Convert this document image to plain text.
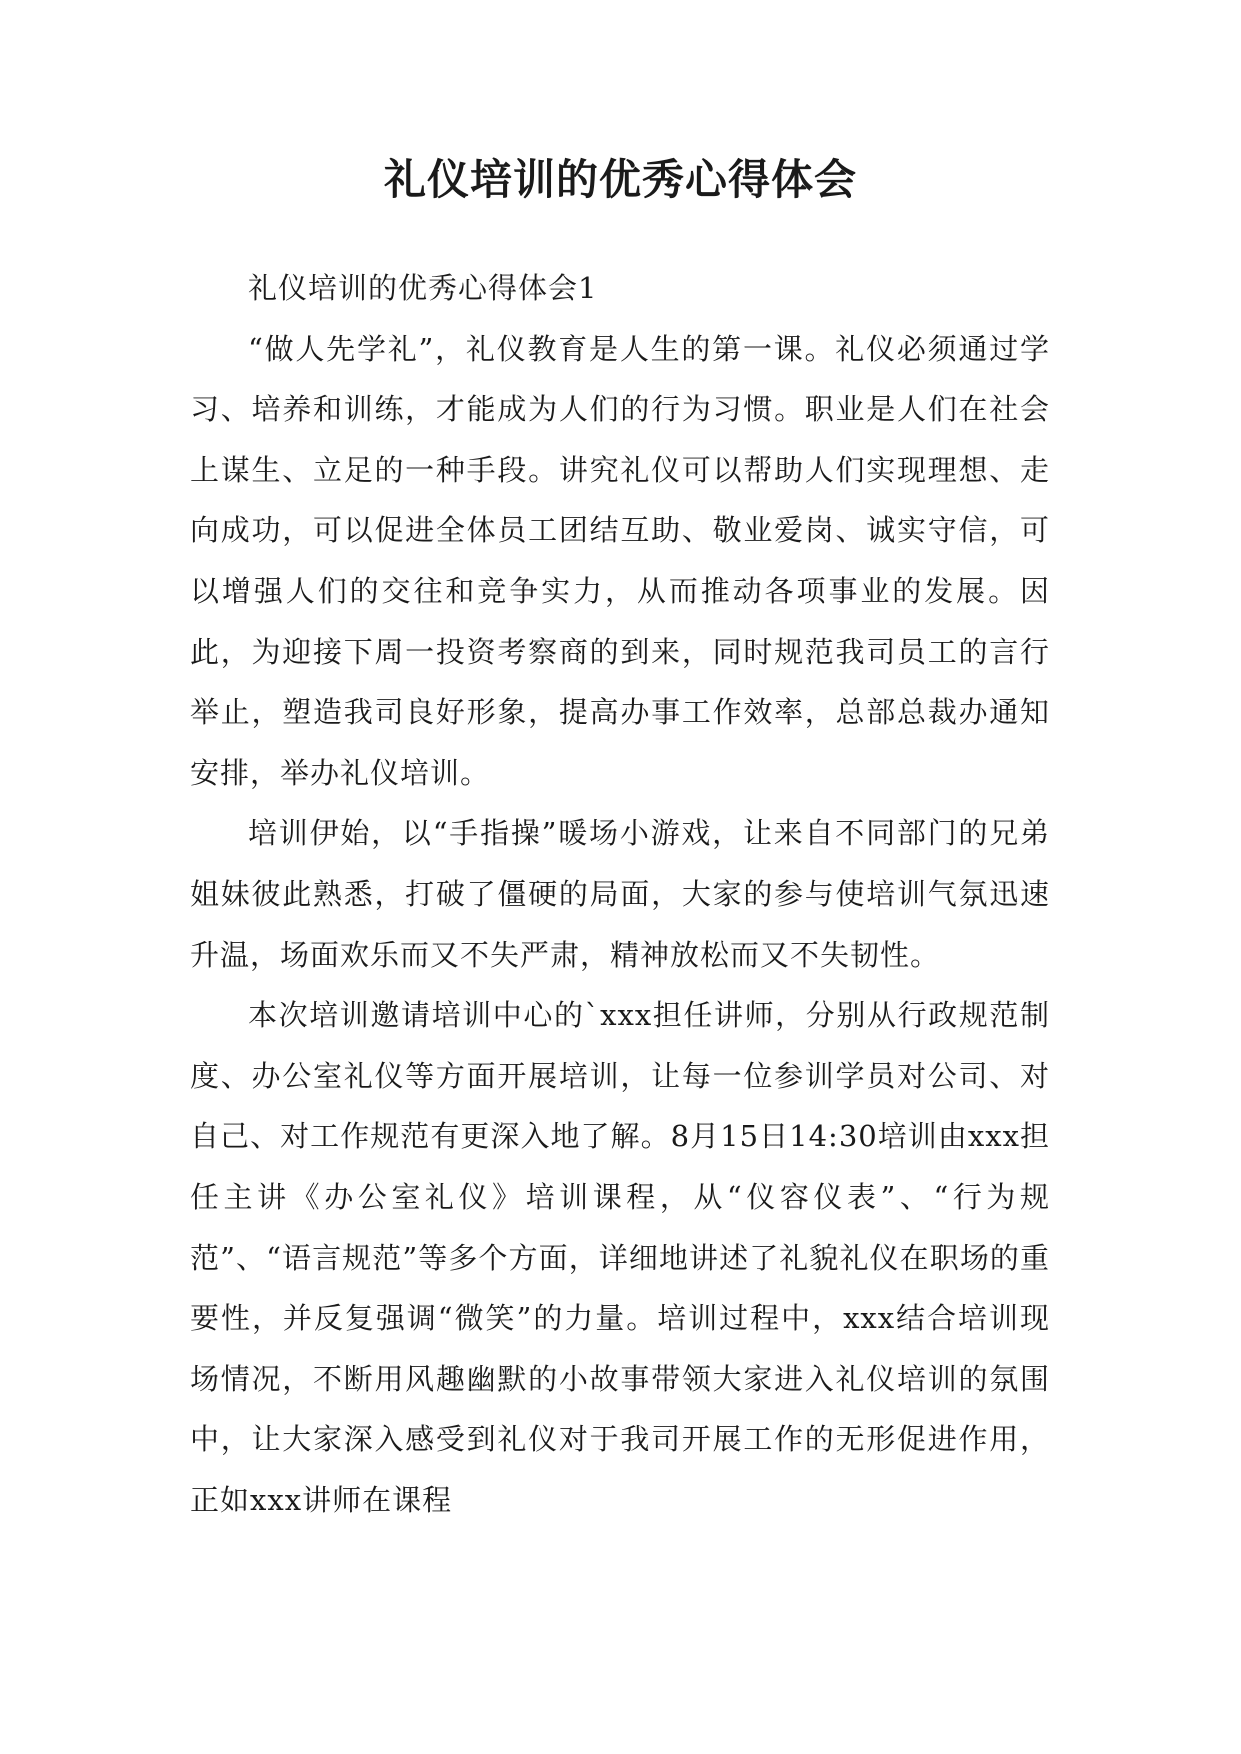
礼仪培训的优秀心得体会

礼仪培训的优秀心得体会1

“做人先学礼”，礼仪教育是人生的第一课。礼仪必须通过学习、培养和训练，才能成为人们的行为习惯。职业是人们在社会上谋生、立足的一种手段。讲究礼仪可以帮助人们实现理想、走向成功，可以促进全体员工团结互助、敬业爱岗、诚实守信，可以增强人们的交往和竞争实力，从而推动各项事业的发展。因此，为迎接下周一投资考察商的到来，同时规范我司员工的言行举止，塑造我司良好形象，提高办事工作效率，总部总裁办通知安排，举办礼仪培训。

培训伊始，以“手指操”暖场小游戏，让来自不同部门的兄弟姐妹彼此熟悉，打破了僵硬的局面，大家的参与使培训气氛迅速升温，场面欢乐而又不失严肃，精神放松而又不失韧性。

本次培训邀请培训中心的`xxx担任讲师，分别从行政规范制度、办公室礼仪等方面开展培训，让每一位参训学员对公司、对自己、对工作规范有更深入地了解。8月15日14:30培训由xxx担任主讲《办公室礼仪》培训课程，从“仪容仪表”、“行为规范”、“语言规范”等多个方面，详细地讲述了礼貌礼仪在职场的重要性，并反复强调“微笑”的力量。培训过程中，xxx结合培训现场情况，不断用风趣幽默的小故事带领大家进入礼仪培训的氛围中，让大家深入感受到礼仪对于我司开展工作的无形促进作用，正如xxx讲师在课程
